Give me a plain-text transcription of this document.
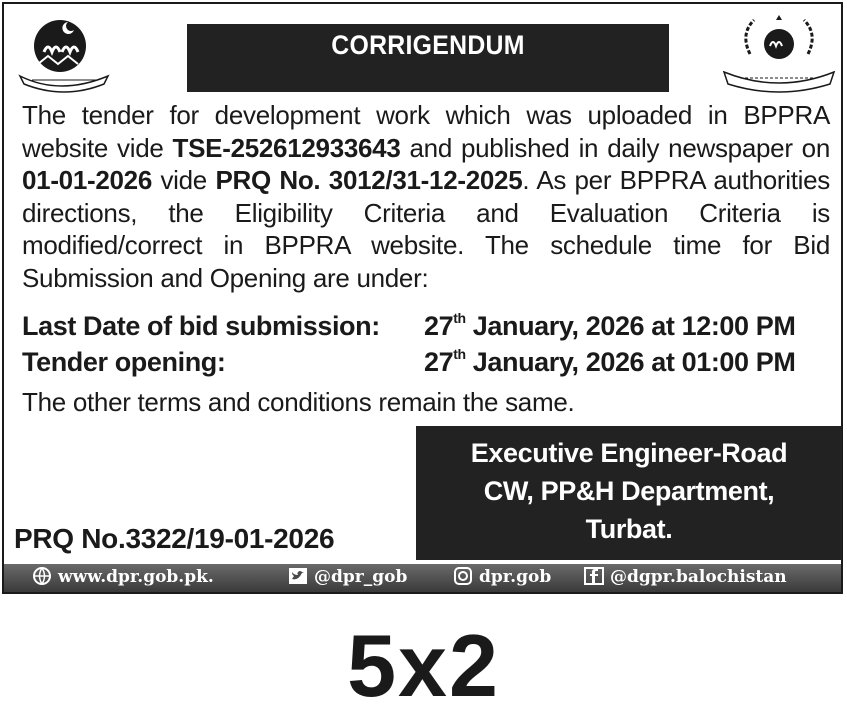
CORRIGENDUM
The tender for development work which was uploaded in BPPRA website vide TSE-252612933643 and published in daily newspaper on 01-01-2026 vide PRQ No. 3012/31-12-2025. As per BPPRA authorities directions, the Eligibility Criteria and Evaluation Criteria is modified/correct in BPPRA website. The schedule time for Bid Submission and Opening are under:
Last Date of bid submission: 27th January, 2026 at 12:00 PM
Tender opening:	27th January, 2026 at 01:00 PM
The other terms and conditions remain the same.
Executive Engineer-Road
CW, PP&H Department,
Turbat.
PRQ No.3322/19-01-2026
www.dpr.gob.pk.	@dpr_gob	dpr.gob	@dgpr.balochistan
5x2
